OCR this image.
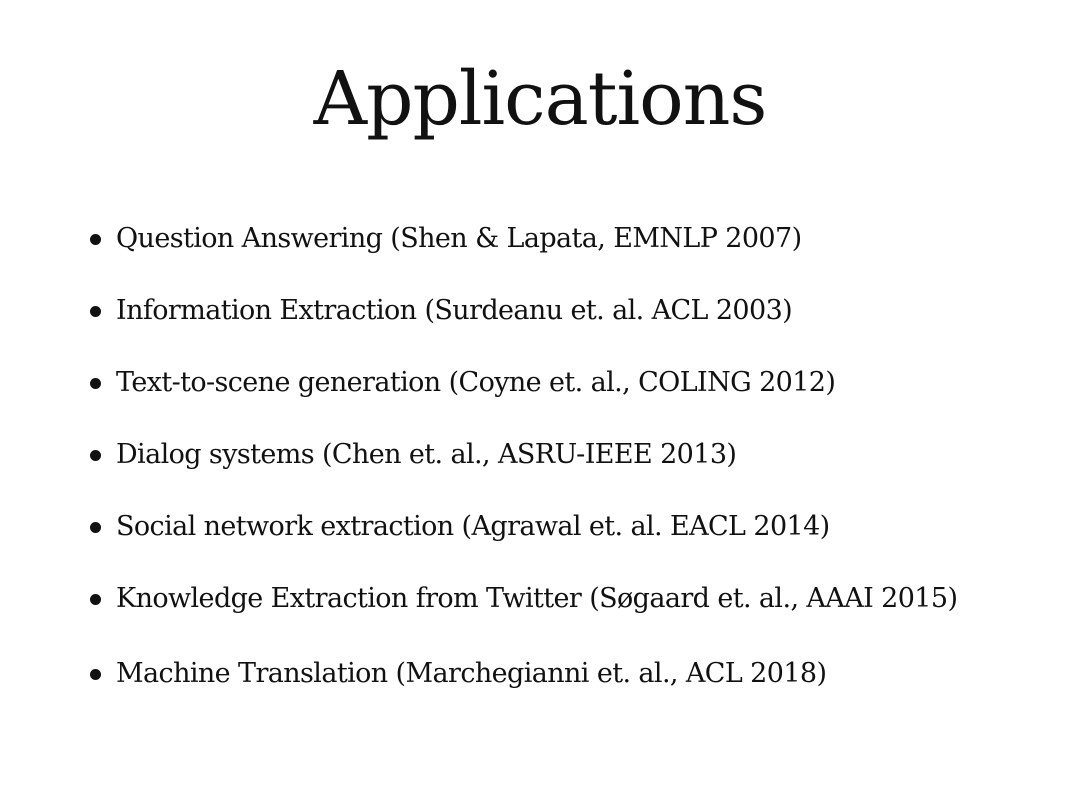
Applications
Question Answering (Shen & Lapata, EMNLP 2007)
Information Extraction (Surdeanu et. al. ACL 2003)
Text-to-scene generation (Coyne et. al., COLING 2012)
Dialog systems (Chen et. al., ASRU-IEEE 2013)
Social network extraction (Agrawal et. al. EACL 2014)
Knowledge Extraction from Twitter (Søgaard et. al., AAAI 2015)
Machine Translation (Marchegianni et. al., ACL 2018)
